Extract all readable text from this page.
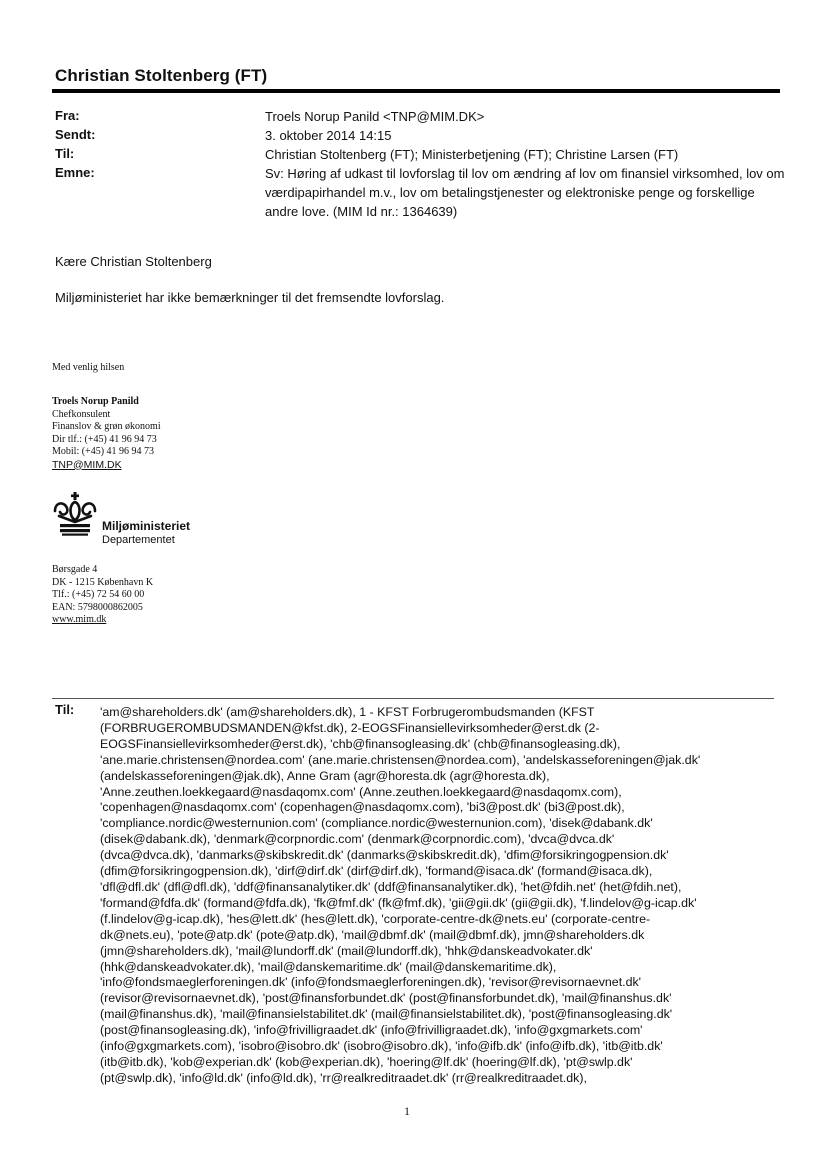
Christian Stoltenberg (FT)
Fra:	Troels Norup Panild <TNP@MIM.DK>
Sendt:	3. oktober 2014 14:15
Til:	Christian Stoltenberg (FT); Ministerbetjening (FT); Christine Larsen (FT)
Emne:	Sv: Høring af udkast til lovforslag til lov om ændring af lov om finansiel virksomhed, lov om værdipapirhandel m.v., lov om betalingstjenester og elektroniske penge og forskellige andre love. (MIM Id nr.: 1364639)
Kære Christian Stoltenberg
Miljøministeriet har ikke bemærkninger til det fremsendte lovforslag.
Med venlig hilsen
Troels Norup Panild
Chefkonsulent
Finanslov & grøn økonomi
Dir tlf.: (+45) 41 96 94 73
Mobil: (+45) 41 96 94 73
TNP@MIM.DK
Miljøministeriet
Departementet
Børsgade 4
DK - 1215 København K
Tlf.: (+45) 72 54 60 00
EAN: 5798000862005
www.mim.dk
Til: 'am@shareholders.dk' (am@shareholders.dk), 1 - KFST Forbrugerombudsmanden (KFST
(FORBRUGEROMBUDSMANDEN@kfst.dk), 2-EOGSFinansiellevirksomheder@erst.dk (2-
EOGSFinansiellevirksomheder@erst.dk), 'chb@finansogleasing.dk' (chb@finansogleasing.dk),
'ane.marie.christensen@nordea.com' (ane.marie.christensen@nordea.com), 'andelskasseforeningen@jak.dk'
(andelskasseforeningen@jak.dk), Anne Gram (agr@horesta.dk (agr@horesta.dk),
'Anne.zeuthen.loekkegaard@nasdaqomx.com' (Anne.zeuthen.loekkegaard@nasdaqomx.com),
'copenhagen@nasdaqomx.com' (copenhagen@nasdaqomx.com), 'bi3@post.dk' (bi3@post.dk),
'compliance.nordic@westernunion.com' (compliance.nordic@westernunion.com), 'disek@dabank.dk'
(disek@dabank.dk), 'denmark@corpnordic.com' (denmark@corpnordic.com), 'dvca@dvca.dk'
(dvca@dvca.dk), 'danmarks@skibskredit.dk' (danmarks@skibskredit.dk), 'dfim@forsikringogpension.dk'
(dfim@forsikringogpension.dk), 'dirf@dirf.dk' (dirf@dirf.dk), 'formand@isaca.dk' (formand@isaca.dk),
'dfl@dfl.dk' (dfl@dfl.dk), 'ddf@finansanalytiker.dk' (ddf@finansanalytiker.dk), 'het@fdih.net' (het@fdih.net),
'formand@fdfa.dk' (formand@fdfa.dk), 'fk@fmf.dk' (fk@fmf.dk), 'gii@gii.dk' (gii@gii.dk), 'f.lindelov@g-icap.dk'
(f.lindelov@g-icap.dk), 'hes@lett.dk' (hes@lett.dk), 'corporate-centre-dk@nets.eu' (corporate-centre-
dk@nets.eu), 'pote@atp.dk' (pote@atp.dk), 'mail@dbmf.dk' (mail@dbmf.dk), jmn@shareholders.dk
(jmn@shareholders.dk), 'mail@lundorff.dk' (mail@lundorff.dk), 'hhk@danskeadvokater.dk'
(hhk@danskeadvokater.dk), 'mail@danskemaritime.dk' (mail@danskemaritime.dk),
'info@fondsmaeglerforeningen.dk' (info@fondsmaeglerforeningen.dk), 'revisor@revisornaevnet.dk'
(revisor@revisornaevnet.dk), 'post@finansforbundet.dk' (post@finansforbundet.dk), 'mail@finanshus.dk'
(mail@finanshus.dk), 'mail@finansielstabilitet.dk' (mail@finansielstabilitet.dk), 'post@finansogleasing.dk'
(post@finansogleasing.dk), 'info@frivilligraadet.dk' (info@frivilligraadet.dk), 'info@gxgmarkets.com'
(info@gxgmarkets.com), 'isobro@isobro.dk' (isobro@isobro.dk), 'info@ifb.dk' (info@ifb.dk), 'itb@itb.dk'
(itb@itb.dk), 'kob@experian.dk' (kob@experian.dk), 'hoering@lf.dk' (hoering@lf.dk), 'pt@swlp.dk'
(pt@swlp.dk), 'info@ld.dk' (info@ld.dk), 'rr@realkreditraadet.dk' (rr@realkreditraadet.dk),
1
